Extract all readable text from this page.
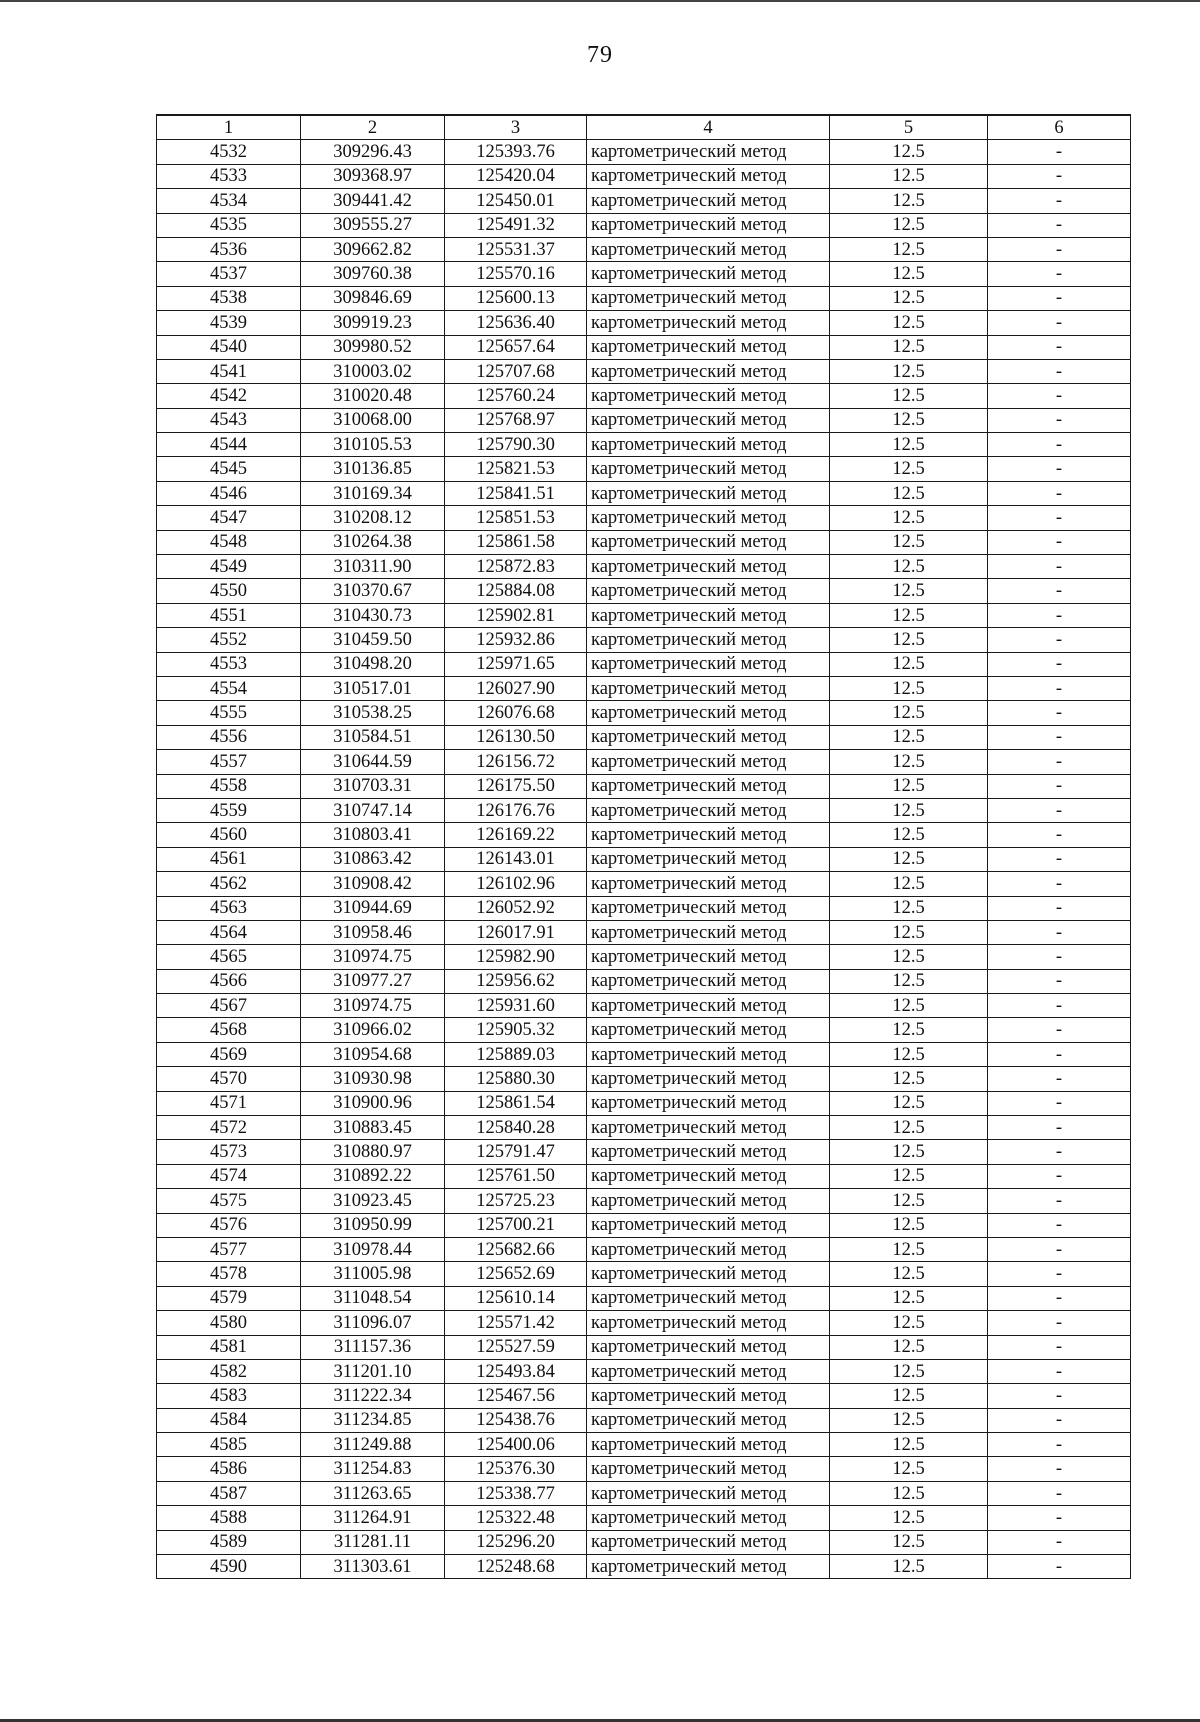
79
1	2	3	4	5	6
4532	309296.43	125393.76	картометрический метод	12.5	-
4533	309368.97	125420.04	картометрический метод	12.5	-
4534	309441.42	125450.01	картометрический метод	12.5	-
4535	309555.27	125491.32	картометрический метод	12.5	-
4536	309662.82	125531.37	картометрический метод	12.5	-
4537	309760.38	125570.16	картометрический метод	12.5	-
4538	309846.69	125600.13	картометрический метод	12.5	-
4539	309919.23	125636.40	картометрический метод	12.5	-
4540	309980.52	125657.64	картометрический метод	12.5	-
4541	310003.02	125707.68	картометрический метод	12.5	-
4542	310020.48	125760.24	картометрический метод	12.5	-
4543	310068.00	125768.97	картометрический метод	12.5	-
4544	310105.53	125790.30	картометрический метод	12.5	-
4545	310136.85	125821.53	картометрический метод	12.5	-
4546	310169.34	125841.51	картометрический метод	12.5	-
4547	310208.12	125851.53	картометрический метод	12.5	-
4548	310264.38	125861.58	картометрический метод	12.5	-
4549	310311.90	125872.83	картометрический метод	12.5	-
4550	310370.67	125884.08	картометрический метод	12.5	-
4551	310430.73	125902.81	картометрический метод	12.5	-
4552	310459.50	125932.86	картометрический метод	12.5	-
4553	310498.20	125971.65	картометрический метод	12.5	-
4554	310517.01	126027.90	картометрический метод	12.5	-
4555	310538.25	126076.68	картометрический метод	12.5	-
4556	310584.51	126130.50	картометрический метод	12.5	-
4557	310644.59	126156.72	картометрический метод	12.5	-
4558	310703.31	126175.50	картометрический метод	12.5	-
4559	310747.14	126176.76	картометрический метод	12.5	-
4560	310803.41	126169.22	картометрический метод	12.5	-
4561	310863.42	126143.01	картометрический метод	12.5	-
4562	310908.42	126102.96	картометрический метод	12.5	-
4563	310944.69	126052.92	картометрический метод	12.5	-
4564	310958.46	126017.91	картометрический метод	12.5	-
4565	310974.75	125982.90	картометрический метод	12.5	-
4566	310977.27	125956.62	картометрический метод	12.5	-
4567	310974.75	125931.60	картометрический метод	12.5	-
4568	310966.02	125905.32	картометрический метод	12.5	-
4569	310954.68	125889.03	картометрический метод	12.5	-
4570	310930.98	125880.30	картометрический метод	12.5	-
4571	310900.96	125861.54	картометрический метод	12.5	-
4572	310883.45	125840.28	картометрический метод	12.5	-
4573	310880.97	125791.47	картометрический метод	12.5	-
4574	310892.22	125761.50	картометрический метод	12.5	-
4575	310923.45	125725.23	картометрический метод	12.5	-
4576	310950.99	125700.21	картометрический метод	12.5	-
4577	310978.44	125682.66	картометрический метод	12.5	-
4578	311005.98	125652.69	картометрический метод	12.5	-
4579	311048.54	125610.14	картометрический метод	12.5	-
4580	311096.07	125571.42	картометрический метод	12.5	-
4581	311157.36	125527.59	картометрический метод	12.5	-
4582	311201.10	125493.84	картометрический метод	12.5	-
4583	311222.34	125467.56	картометрический метод	12.5	-
4584	311234.85	125438.76	картометрический метод	12.5	-
4585	311249.88	125400.06	картометрический метод	12.5	-
4586	311254.83	125376.30	картометрический метод	12.5	-
4587	311263.65	125338.77	картометрический метод	12.5	-
4588	311264.91	125322.48	картометрический метод	12.5	-
4589	311281.11	125296.20	картометрический метод	12.5	-
4590	311303.61	125248.68	картометрический метод	12.5	-
